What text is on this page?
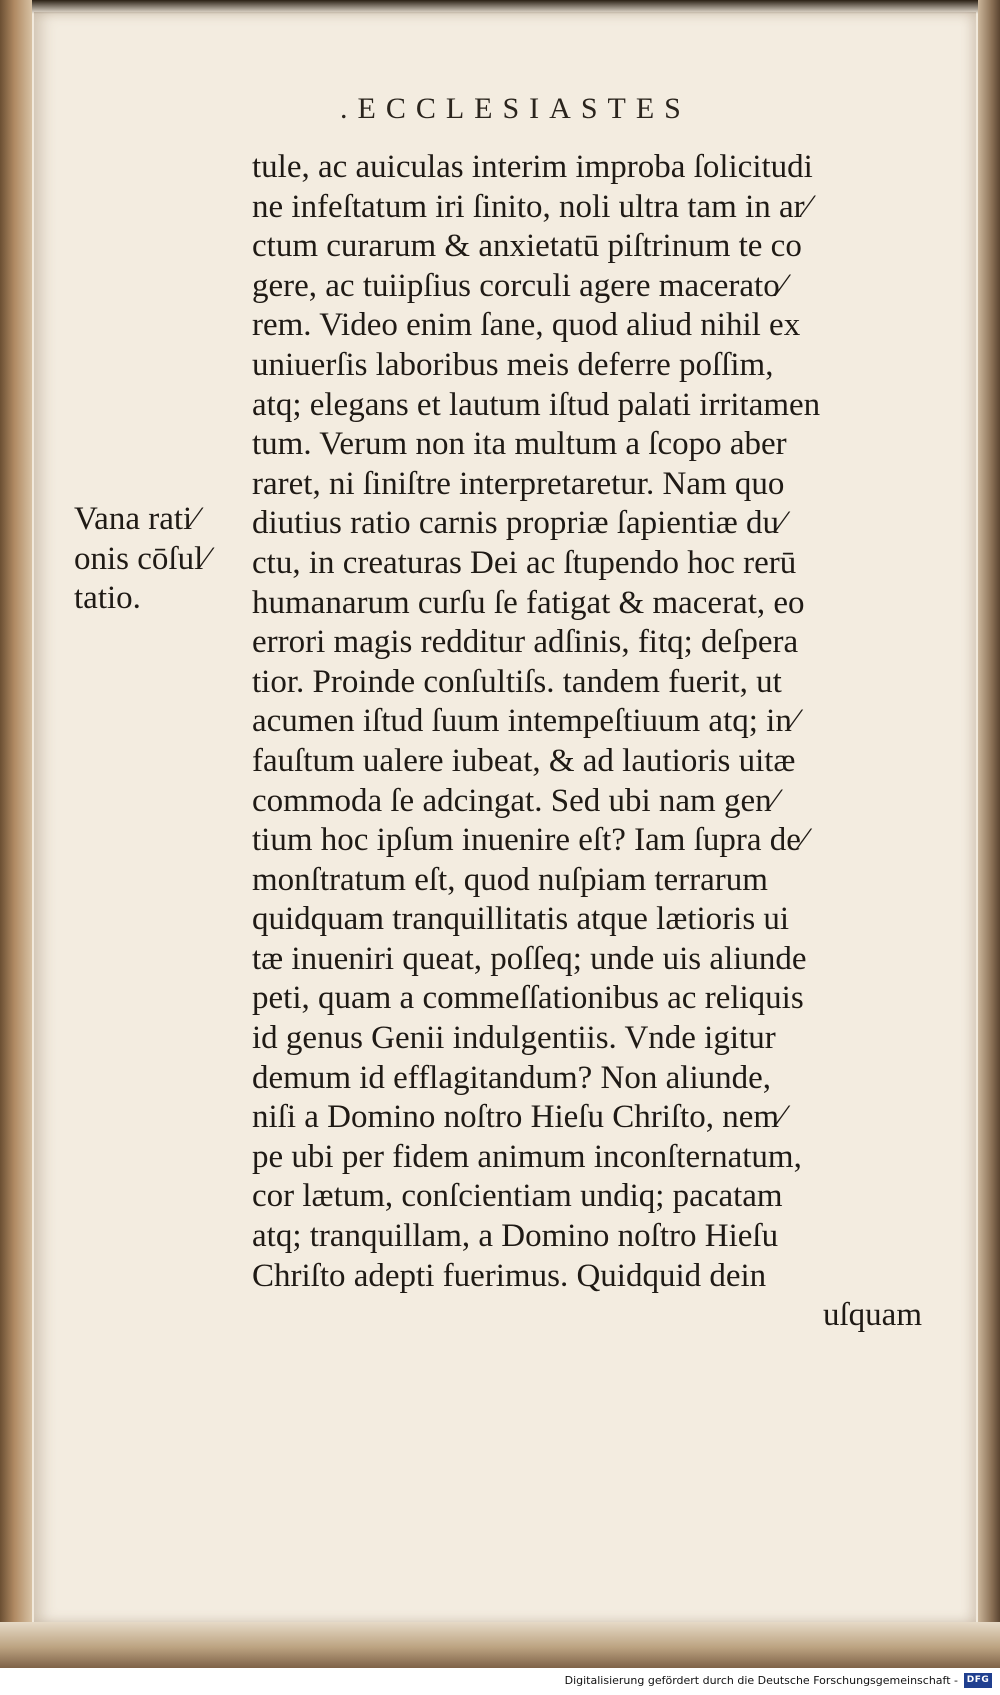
.ECCLESIASTES
Vana rati⁄
onis cōſul⁄
tatio.
tule, ac auiculas interim improba ſolicitudi
ne infeſtatum iri ſinito, noli ultra tam in ar⁄
ctum curarum & anxietatū piſtrinum te co
gere, ac tuiipſius corculi agere macerato⁄
rem. Video enim ſane, quod aliud nihil ex
uniuerſis laboribus meis deferre poſſim,
atq; elegans et lautum iſtud palati irritamen
tum. Verum non ita multum a ſcopo aber
raret, ni ſiniſtre interpretaretur. Nam quo
diutius ratio carnis propriæ ſapientiæ du⁄
ctu, in creaturas Dei ac ſtupendo hoc rerū
humanarum curſu ſe fatigat & macerat, eo
errori magis redditur adſinis, fitq; deſpera
tior. Proinde conſultiſs. tandem fuerit, ut
acumen iſtud ſuum intempeſtiuum atq; in⁄
fauſtum ualere iubeat, & ad lautioris uitæ
commoda ſe adcingat. Sed ubi nam gen⁄
tium hoc ipſum inuenire eſt? Iam ſupra de⁄
monſtratum eſt, quod nuſpiam terrarum
quidquam tranquillitatis atque lætioris ui
tæ inueniri queat, poſſeq; unde uis aliunde
peti, quam a commeſſationibus ac reliquis
id genus Genii indulgentiis. Vnde igitur
demum id efflagitandum? Non aliunde,
niſi a Domino noſtro Hieſu Chriſto, nem⁄
pe ubi per fidem animum inconſternatum,
cor lætum, conſcientiam undiq; pacatam
atq; tranquillam, a Domino noſtro Hieſu
Chriſto adepti fuerimus. Quidquid dein
uſquam
Digitalisierung gefördert durch die Deutsche Forschungsgemeinschaft - DFG
